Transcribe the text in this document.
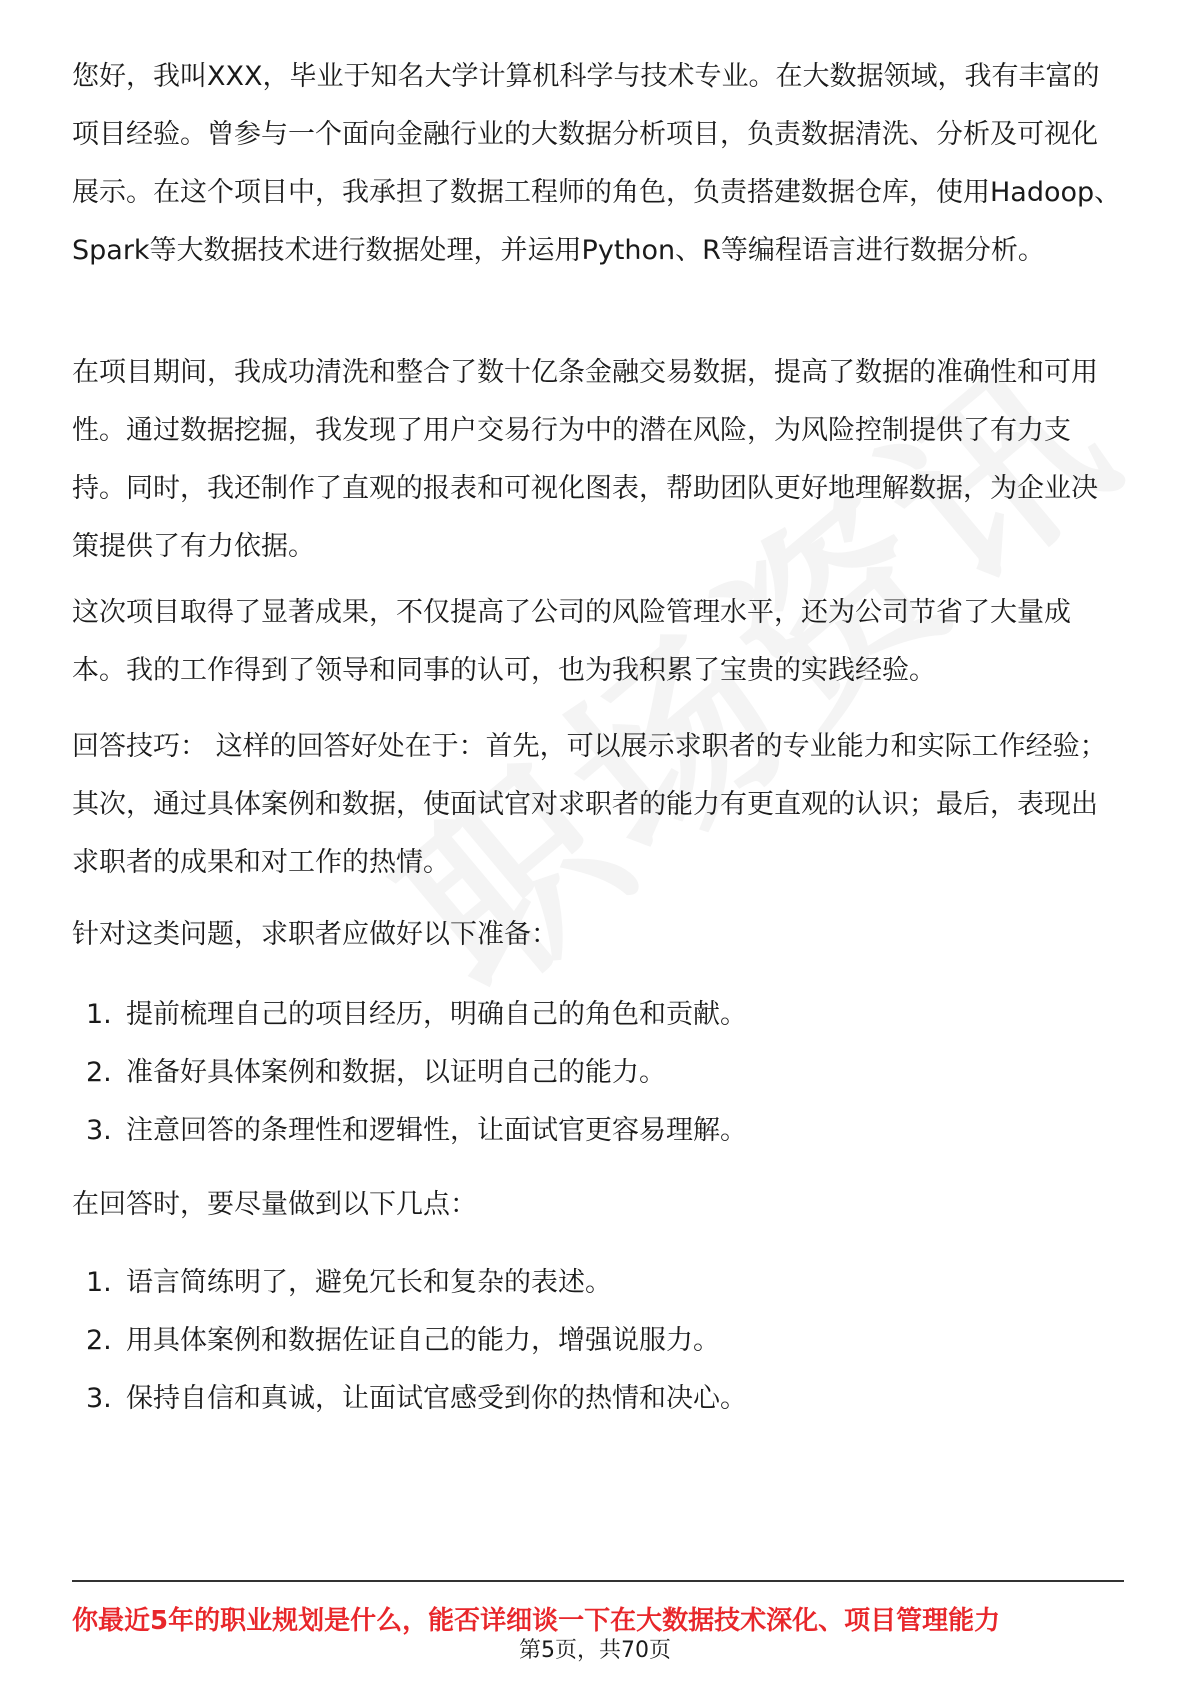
您好，我叫XXX，毕业于知名大学计算机科学与技术专业。在大数据领域，我有丰富的项目经验。曾参与一个面向金融行业的大数据分析项目，负责数据清洗、分析及可视化展示。在这个项目中，我承担了数据工程师的角色，负责搭建数据仓库，使用Hadoop、Spark等大数据技术进行数据处理，并运用Python、R等编程语言进行数据分析。

在项目期间，我成功清洗和整合了数十亿条金融交易数据，提高了数据的准确性和可用性。通过数据挖掘，我发现了用户交易行为中的潜在风险，为风险控制提供了有力支持。同时，我还制作了直观的报表和可视化图表，帮助团队更好地理解数据，为企业决策提供了有力依据。

这次项目取得了显著成果，不仅提高了公司的风险管理水平，还为公司节省了大量成本。我的工作得到了领导和同事的认可，也为我积累了宝贵的实践经验。

回答技巧： 这样的回答好处在于：首先，可以展示求职者的专业能力和实际工作经验；其次，通过具体案例和数据，使面试官对求职者的能力有更直观的认识；最后，表现出求职者的成果和对工作的热情。

针对这类问题，求职者应做好以下准备：

1. 提前梳理自己的项目经历，明确自己的角色和贡献。
2. 准备好具体案例和数据，以证明自己的能力。
3. 注意回答的条理性和逻辑性，让面试官更容易理解。

在回答时，要尽量做到以下几点：

1. 语言简练明了，避免冗长和复杂的表述。
2. 用具体案例和数据佐证自己的能力，增强说服力。
3. 保持自信和真诚，让面试官感受到你的热情和决心。
你最近5年的职业规划是什么，能否详细谈一下在大数据技术深化、项目管理能力
第5页，共70页
